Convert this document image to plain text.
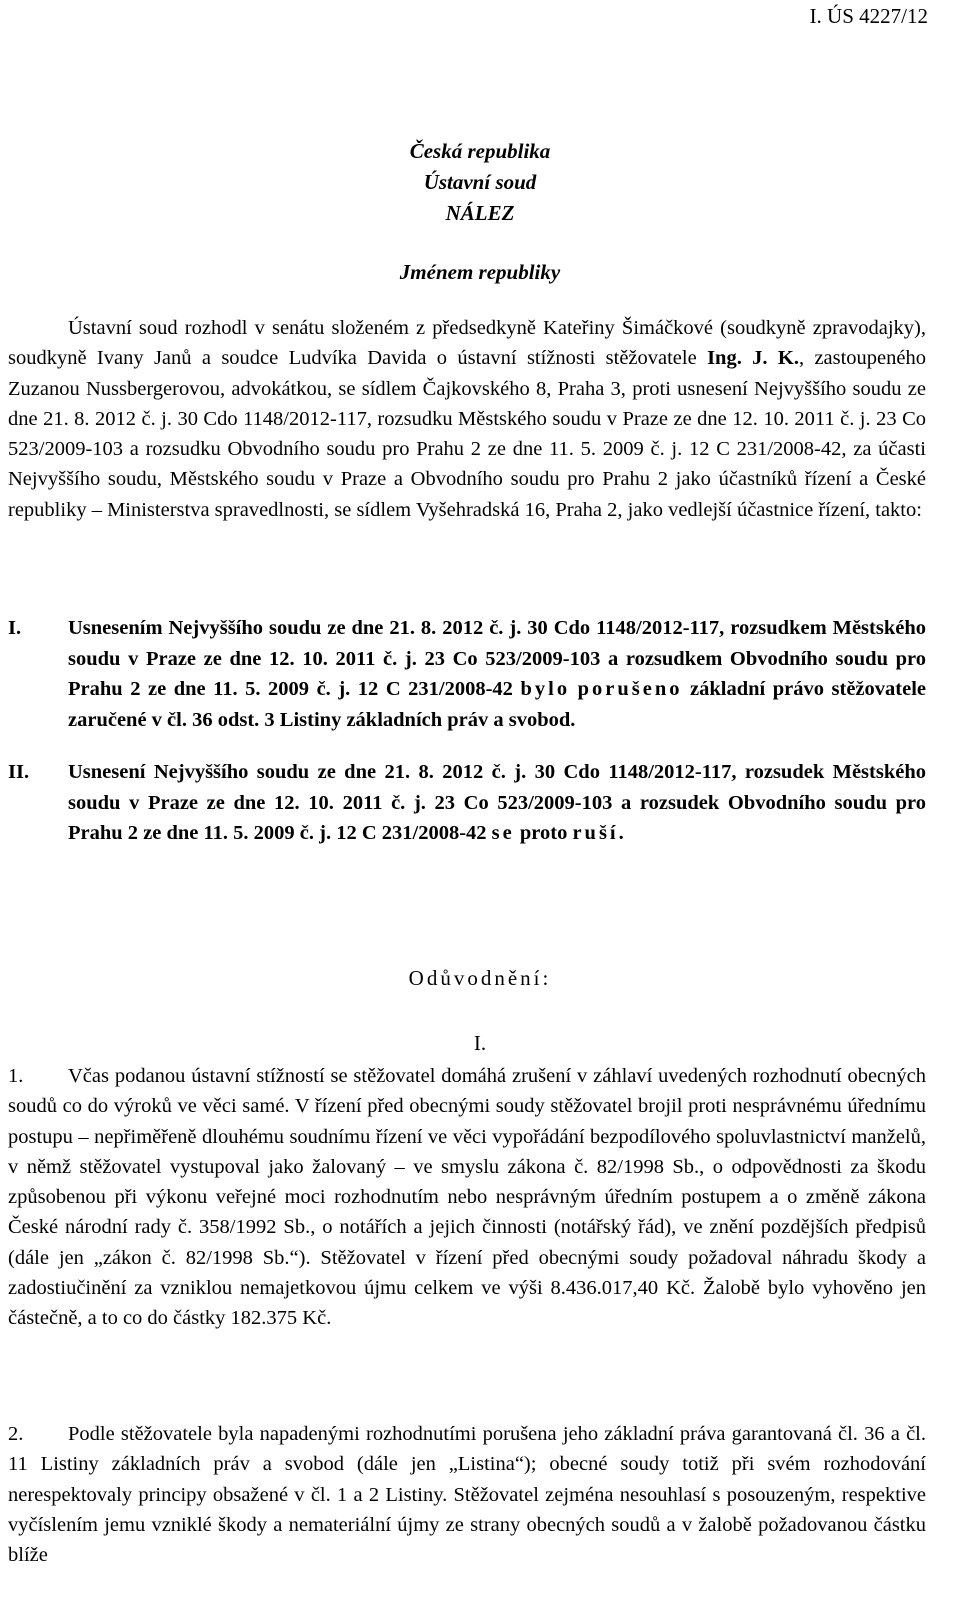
I. ÚS 4227/12
Česká republika
Ústavní soud
NÁLEZ
Jménem republiky
Ústavní soud rozhodl v senátu složeném z předsedkyně Kateřiny Šimáčkové (soudkyně zpravodajky), soudkyně Ivany Janů a soudce Ludvíka Davida o ústavní stížnosti stěžovatele Ing. J. K., zastoupeného Zuzanou Nussbergerovou, advokátkou, se sídlem Čajkovského 8, Praha 3, proti usnesení Nejvyššího soudu ze dne 21. 8. 2012 č. j. 30 Cdo 1148/2012-117, rozsudku Městského soudu v Praze ze dne 12. 10. 2011 č. j. 23 Co 523/2009-103 a rozsudku Obvodního soudu pro Prahu 2 ze dne 11. 5. 2009 č. j. 12 C 231/2008-42, za účasti Nejvyššího soudu, Městského soudu v Praze a Obvodního soudu pro Prahu 2 jako účastníků řízení a České republiky – Ministerstva spravedlnosti, se sídlem Vyšehradská 16, Praha 2, jako vedlejší účastnice řízení, takto:
I. Usnesením Nejvyššího soudu ze dne 21. 8. 2012 č. j. 30 Cdo 1148/2012-117, rozsudkem Městského soudu v Praze ze dne 12. 10. 2011 č. j. 23 Co 523/2009-103 a rozsudkem Obvodního soudu pro Prahu 2 ze dne 11. 5. 2009 č. j. 12 C 231/2008-42 bylo porušeno základní právo stěžovatele zaručené v čl. 36 odst. 3 Listiny základních práv a svobod.
II. Usnesení Nejvyššího soudu ze dne 21. 8. 2012 č. j. 30 Cdo 1148/2012-117, rozsudek Městského soudu v Praze ze dne 12. 10. 2011 č. j. 23 Co 523/2009-103 a rozsudek Obvodního soudu pro Prahu 2 ze dne 11. 5. 2009 č. j. 12 C 231/2008-42 se proto ruší.
Odůvodnění:
I.
1. Včas podanou ústavní stížností se stěžovatel domáhá zrušení v záhlaví uvedených rozhodnutí obecných soudů co do výroků ve věci samé. V řízení před obecnými soudy stěžovatel brojil proti nesprávnému úřednímu postupu – nepřiměřeně dlouhému soudnímu řízení ve věci vypořádání bezpodílového spoluvlastnictví manželů, v němž stěžovatel vystupoval jako žalovaný – ve smyslu zákona č. 82/1998 Sb., o odpovědnosti za škodu způsobenou při výkonu veřejné moci rozhodnutím nebo nesprávným úředním postupem a o změně zákona České národní rady č. 358/1992 Sb., o notářích a jejich činnosti (notářský řád), ve znění pozdějších předpisů (dále jen „zákon č. 82/1998 Sb.“). Stěžovatel v řízení před obecnými soudy požadoval náhradu škody a zadostiučinění za vzniklou nemajetkovou újmu celkem ve výši 8.436.017,40 Kč. Žalobě bylo vyhověno jen částečně, a to co do částky 182.375 Kč.
2. Podle stěžovatele byla napadenými rozhodnutími porušena jeho základní práva garantovaná čl. 36 a čl. 11 Listiny základních práv a svobod (dále jen „Listina“); obecné soudy totiž při svém rozhodování nerespektovaly principy obsažené v čl. 1 a 2 Listiny. Stěžovatel zejména nesouhlasí s posouzeným, respektive vyčíslením jemu vzniklé škody a nemateriální újmy ze strany obecných soudů a v žalobě požadovanou částku blíže
